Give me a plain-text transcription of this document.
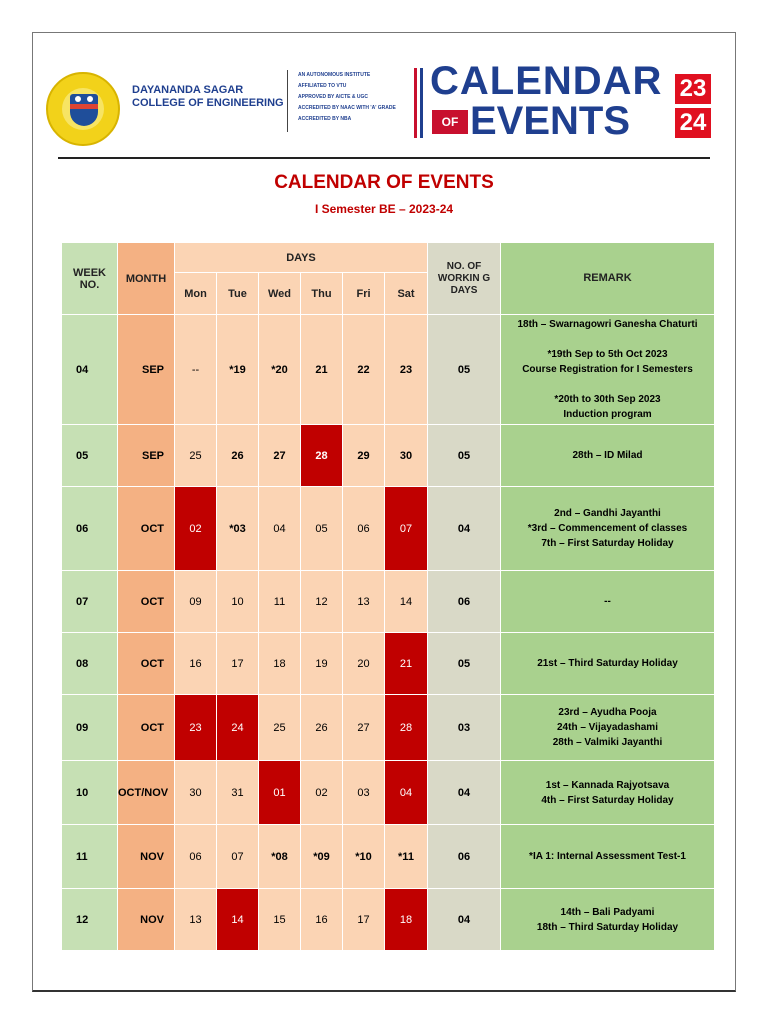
DAYANANDA SAGAR
COLLEGE OF ENGINEERING
AN AUTONOMOUS INSTITUTE
AFFILIATED TO VTU
APPROVED BY AICTE & UGC
ACCREDITED BY NAAC WITH 'A' GRADE
ACCREDITED BY NBA
CALENDAR
OF EVENTS
23
24
CALENDAR OF EVENTS
I Semester BE – 2023-24
WEEK NO.	MONTH	DAYS						NO. OF WORKIN G DAYS	REMARK
		Mon	Tue	Wed	Thu	Fri	Sat		
04	SEP	--	*19	*20	21	22	23	05	18th – Swarnagowri Ganesha Chaturti

*19th Sep to 5th Oct 2023
Course Registration for I Semesters

*20th to 30th Sep 2023
Induction program

05	SEP	25	26	27	28	29	30	05	28th – ID Milad

06	OCT	02	*03	04	05	06	07	04	2nd – Gandhi Jayanthi
*3rd – Commencement of classes
7th – First Saturday Holiday

07	OCT	09	10	11	12	13	14	06	--

08	OCT	16	17	18	19	20	21	05	21st – Third Saturday Holiday

09	OCT	23	24	25	26	27	28	03	23rd – Ayudha Pooja
24th – Vijayadashami
28th – Valmiki Jayanthi

10	OCT/NOV	30	31	01	02	03	04	04	1st – Kannada Rajyotsava
4th – First Saturday Holiday

11	NOV	06	07	*08	*09	*10	*11	06	*IA 1: Internal Assessment Test-1

12	NOV	13	14	15	16	17	18	04	14th – Bali Padyami
18th – Third Saturday Holiday
